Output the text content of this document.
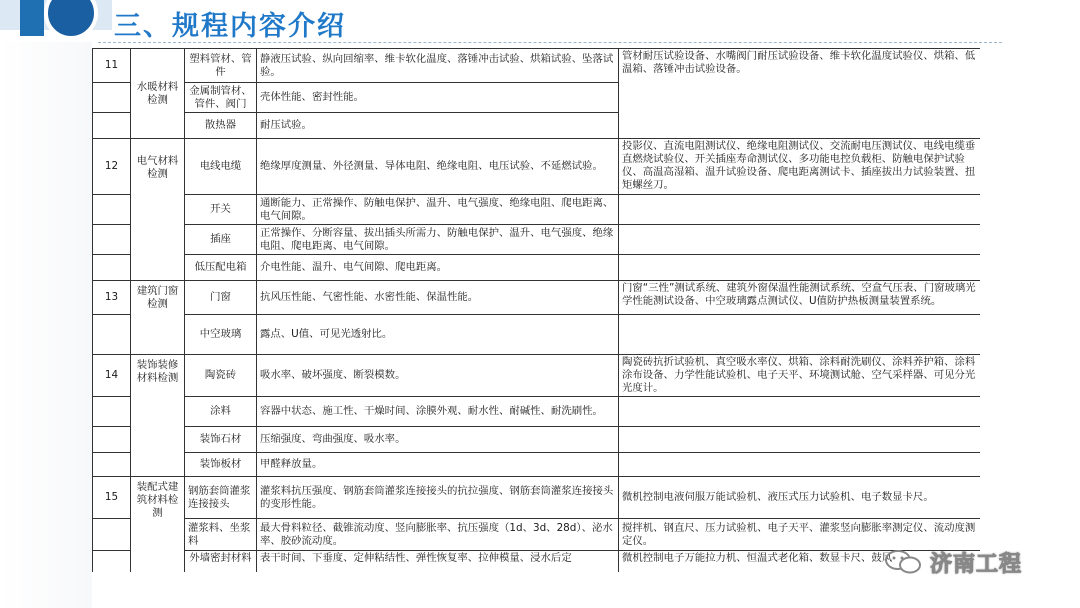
三、规程内容介绍
11	水暖材料检测	塑料管材、管件	静液压试验、纵向回缩率、维卡软化温度、落锤冲击试验、烘箱试验、坠落试验。	管材耐压试验设备、水嘴阀门耐压试验设备、维卡软化温度试验仪、烘箱、低温箱、落锤冲击试验设备。
		金属制管材、管件、阀门	壳体性能、密封性能。	
		散热器	耐压试验。	
12	电气材料检测	电线电缆	绝缘厚度测量、外径测量、导体电阻、绝缘电阻、电压试验、不延燃试验。	投影仪、直流电阻测试仪、绝缘电阻测试仪、交流耐电压测试仪、电线电缆垂直燃烧试验仪、开关插座寿命测试仪、多功能电控负载柜、防触电保护试验仪、高温高湿箱、温升试验设备、爬电距离测试卡、插座拔出力试验装置、扭矩螺丝刀。
		开关	通断能力、正常操作、防触电保护、温升、电气强度、绝缘电阻、爬电距离、电气间隙。	
		插座	正常操作、分断容量、拔出插头所需力、防触电保护、温升、电气强度、绝缘电阻、爬电距离、电气间隙。	
		低压配电箱	介电性能、温升、电气间隙、爬电距离。	
13	建筑门窗检测	门窗	抗风压性能、气密性能、水密性能、保温性能。	门窗“三性”测试系统、建筑外窗保温性能测试系统、空盒气压表、门窗玻璃光学性能测试设备、中空玻璃露点测试仪、U值防护热板测量装置系统。
		中空玻璃	露点、U值、可见光透射比。	
14	装饰装修材料检测	陶瓷砖	吸水率、破坏强度、断裂模数。	陶瓷砖抗折试验机、真空吸水率仪、烘箱、涂料耐洗刷仪、涂料养护箱、涂料涂布设备、力学性能试验机、电子天平、环境测试舱、空气采样器、可见分光光度计。
		涂料	容器中状态、施工性、干燥时间、涂膜外观、耐水性、耐碱性、耐洗刷性。	
		装饰石材	压缩强度、弯曲强度、吸水率。	
		装饰板材	甲醛释放量。	
15	装配式建筑材料检测	钢筋套筒灌浆连接接头	灌浆料抗压强度、钢筋套筒灌浆连接接头的抗拉强度、钢筋套筒灌浆连接接头的变形性能。	微机控制电液伺服万能试验机、液压式压力试验机、电子数显卡尺。
		灌浆料、坐浆料	最大骨料粒径、截锥流动度、竖向膨胀率、抗压强度（1d、3d、28d）、泌水率、胶砂流动度。	搅拌机、钢直尺、压力试验机、电子天平、灌浆竖向膨胀率测定仪、流动度测定仪。
		外墙密封材料	表干时间、下垂度、定伸粘结性、弹性恢复率、拉伸模量、浸水后定	微机控制电子万能拉力机、恒温式老化箱、数显卡尺、鼓风 济南工程
